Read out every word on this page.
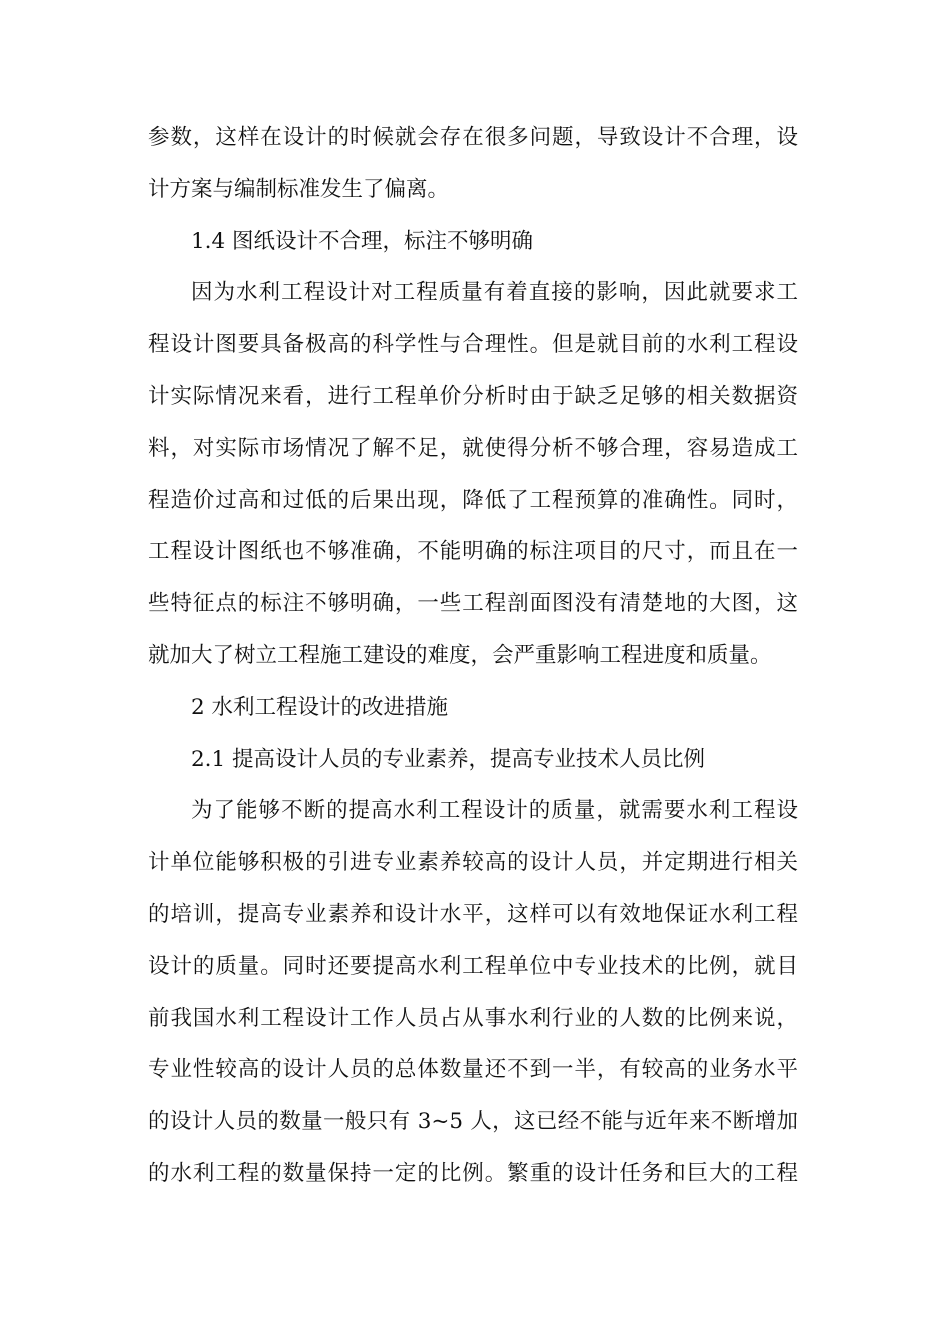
参数，这样在设计的时候就会存在很多问题，导致设计不合理，设
计方案与编制标准发生了偏离。
1.4 图纸设计不合理，标注不够明确
因为水利工程设计对工程质量有着直接的影响，因此就要求工
程设计图要具备极高的科学性与合理性。但是就目前的水利工程设
计实际情况来看，进行工程单价分析时由于缺乏足够的相关数据资
料，对实际市场情况了解不足，就使得分析不够合理，容易造成工
程造价过高和过低的后果出现，降低了工程预算的准确性。同时，
工程设计图纸也不够准确，不能明确的标注项目的尺寸，而且在一
些特征点的标注不够明确，一些工程剖面图没有清楚地的大图，这
就加大了树立工程施工建设的难度，会严重影响工程进度和质量。
2 水利工程设计的改进措施
2.1 提高设计人员的专业素养，提高专业技术人员比例
为了能够不断的提高水利工程设计的质量，就需要水利工程设
计单位能够积极的引进专业素养较高的设计人员，并定期进行相关
的培训，提高专业素养和设计水平，这样可以有效地保证水利工程
设计的质量。同时还要提高水利工程单位中专业技术的比例，就目
前我国水利工程设计工作人员占从事水利行业的人数的比例来说，
专业性较高的设计人员的总体数量还不到一半，有较高的业务水平
的设计人员的数量一般只有 3~5 人，这已经不能与近年来不断增加
的水利工程的数量保持一定的比例。繁重的设计任务和巨大的工程
